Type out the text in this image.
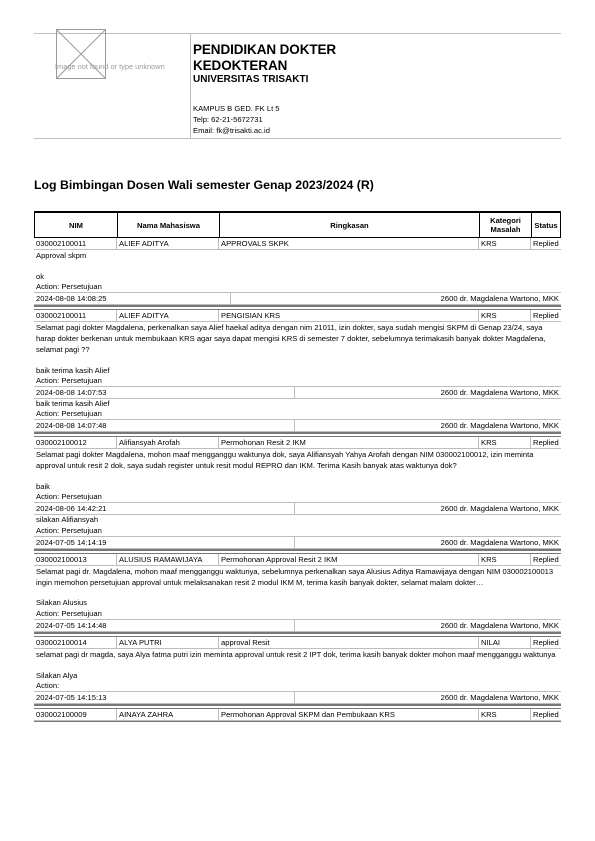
Image not found or type unknown
PENDIDIKAN DOKTER
KEDOKTERAN
UNIVERSITAS TRISAKTI
KAMPUS B GED. FK Lt 5
Telp: 62-21-5672731
Email: fk@trisakti.ac.id
Log Bimbingan Dosen Wali semester Genap 2023/2024 (R)
NIM	Nama Mahasiswa	Ringkasan	Kategori Masalah	Status
030002100011	ALIEF ADITYA	APPROVALS SKPK	KRS	Replied
Approval skpm
ok
Action: Persetujuan
2024-08-08 14:08:25	2600 dr. Magdalena Wartono, MKK
030002100011	ALIEF ADITYA	PENGISIAN KRS	KRS	Replied
Selamat pagi dokter Magdalena, perkenalkan saya Alief haekal aditya dengan nim 21011, izin dokter, saya sudah mengisi SKPM di Genap 23/24, saya harap dokter berkenan untuk membukaan KRS agar saya dapat mengisi KRS di semester 7 dokter, sebelumnya terimakasih banyak dokter Magdalena, selamat pagi ??
baik terima kasih Alief
Action: Persetujuan
2024-08-08 14:07:53	2600 dr. Magdalena Wartono, MKK
baik terima kasih Alief
Action: Persetujuan
2024-08-08 14:07:48	2600 dr. Magdalena Wartono, MKK
030002100012	Alifiansyah Arofah	Permohonan Resit 2 IKM	KRS	Replied
Selamat pagi dokter Magdalena, mohon maaf mengganggu waktunya dok, saya Alifiansyah Yahya Arofah dengan NIM 030002100012, izin meminta approval untuk resit 2 dok, saya sudah register untuk resit modul REPRO dan IKM. Terima Kasih banyak atas waktunya dok?
baik
Action: Persetujuan
2024-08-06 14:42:21	2600 dr. Magdalena Wartono, MKK
silakan Alifiansyah
Action: Persetujuan
2024-07-05 14:14:19	2600 dr. Magdalena Wartono, MKK
030002100013	ALUSIUS RAMAWIJAYA	Permohonan Approval Resit 2 IKM	KRS	Replied
Selamat pagi dr. Magdalena, mohon maaf mengganggu waktunya, sebelumnya perkenalkan saya Alusius Aditya Ramawijaya dengan NIM 030002100013 ingin memohon persetujuan approval untuk melaksanakan resit 2 modul IKM M, terima kasih banyak dokter, selamat malam dokter…
Silakan Alusius
Action: Persetujuan
2024-07-05 14:14:48	2600 dr. Magdalena Wartono, MKK
030002100014	ALYA PUTRI	approval Resit	NILAI	Replied
selamat pagi dr magda, saya Alya fatma putri izin meminta approval untuk resit 2 IPT dok, terima kasih banyak dokter mohon maaf mengganggu waktunya
Silakan Alya
Action:
2024-07-05 14:15:13	2600 dr. Magdalena Wartono, MKK
030002100009	AINAYA ZAHRA	Permohonan Approval SKPM dan Pembukaan KRS	KRS	Replied
